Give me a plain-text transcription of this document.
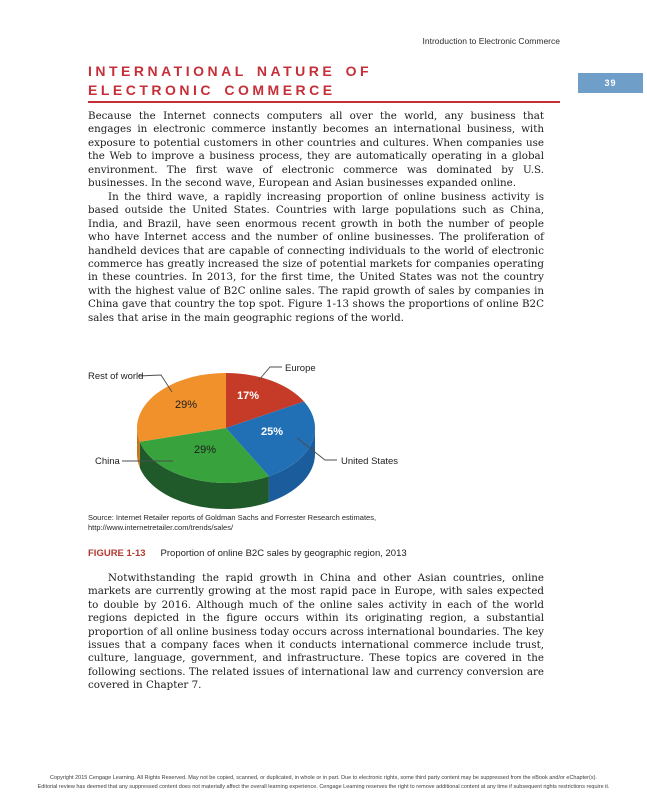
Introduction to Electronic Commerce
39
INTERNATIONAL NATURE OF
ELECTRONIC COMMERCE
Because the Internet connects computers all over the world, any business that engages in electronic commerce instantly becomes an international business, with exposure to potential customers in other countries and cultures. When companies use the Web to improve a business process, they are automatically operating in a global environment. The first wave of electronic commerce was dominated by U.S. businesses. In the second wave, European and Asian businesses expanded online.
In the third wave, a rapidly increasing proportion of online business activity is based outside the United States. Countries with large populations such as China, India, and Brazil, have seen enormous recent growth in both the number of people who have Internet access and the number of online businesses. The proliferation of handheld devices that are capable of connecting individuals to the world of electronic commerce has greatly increased the size of potential markets for companies operating in these countries. In 2013, for the first time, the United States was not the country with the highest value of B2C online sales. The rapid growth of sales by companies in China gave that country the top spot. Figure 1-13 shows the proportions of online B2C sales that arise in the main geographic regions of the world.
17%
25%
29%
29%
Rest of world
Europe
China	United States
Source: Internet Retailer reports of Goldman Sachs and Forrester Research estimates,
http://www.internetretailer.com/trends/sales/
FIGURE 1-13 Proportion of online B2C sales by geographic region, 2013
Notwithstanding the rapid growth in China and other Asian countries, online markets are currently growing at the most rapid pace in Europe, with sales expected to double by 2016. Although much of the online sales activity in each of the world regions depicted in the figure occurs within its originating region, a substantial proportion of all online business today occurs across international boundaries. The key issues that a company faces when it conducts international commerce include trust, culture, language, government, and infrastructure. These topics are covered in the following sections. The related issues of international law and currency conversion are covered in Chapter 7.
Copyright 2015 Cengage Learning. All Rights Reserved. May not be copied, scanned, or duplicated, in whole or in part. Due to electronic rights, some third party content may be suppressed from the eBook and/or eChapter(s).
Editorial review has deemed that any suppressed content does not materially affect the overall learning experience. Cengage Learning reserves the right to remove additional content at any time if subsequent rights restrictions require it.
